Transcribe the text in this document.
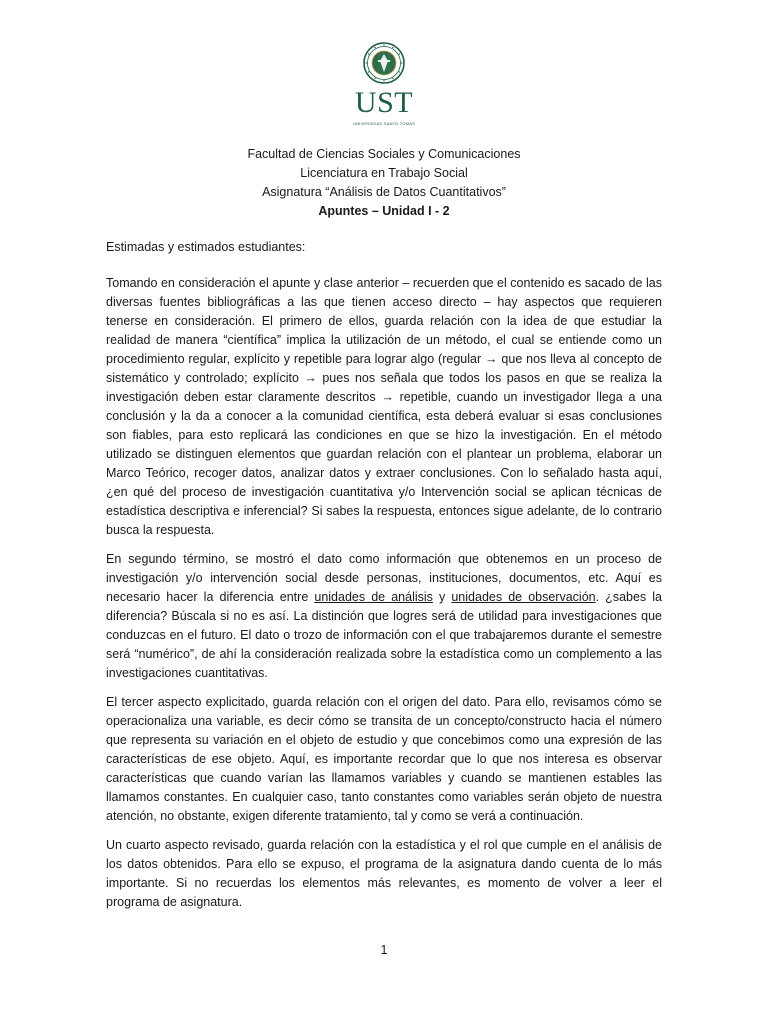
UST
UNIVERSIDAD SANTO TOMÁS
Facultad de Ciencias Sociales y Comunicaciones
Licenciatura en Trabajo Social
Asignatura “Análisis de Datos Cuantitativos”
Apuntes – Unidad I - 2

Estimadas y estimados estudiantes:

Tomando en consideración el apunte y clase anterior – recuerden que el contenido es sacado de las diversas fuentes bibliográficas a las que tienen acceso directo – hay aspectos que requieren tenerse en consideración. El primero de ellos, guarda relación con la idea de que estudiar la realidad de manera “científica” implica la utilización de un método, el cual se entiende como un procedimiento regular, explícito y repetible para lograr algo (regular → que nos lleva al concepto de sistemático y controlado; explícito → pues nos señala que todos los pasos en que se realiza la investigación deben estar claramente descritos → repetible, cuando un investigador llega a una conclusión y la da a conocer a la comunidad científica, esta deberá evaluar si esas conclusiones son fiables, para esto replicará las condiciones en que se hizo la investigación. En el método utilizado se distinguen elementos que guardan relación con el plantear un problema, elaborar un Marco Teórico, recoger datos, analizar datos y extraer conclusiones. Con lo señalado hasta aquí, ¿en qué del proceso de investigación cuantitativa y/o Intervención social se aplican técnicas de estadística descriptiva e inferencial? Si sabes la respuesta, entonces sigue adelante, de lo contrario busca la respuesta.

En segundo término, se mostró el dato como información que obtenemos en un proceso de investigación y/o intervención social desde personas, instituciones, documentos, etc. Aquí es necesario hacer la diferencia entre unidades de análisis y unidades de observación. ¿sabes la diferencia? Búscala si no es así. La distinción que logres será de utilidad para investigaciones que conduzcas en el futuro. El dato o trozo de información con el que trabajaremos durante el semestre será “numérico”, de ahí la consideración realizada sobre la estadística como un complemento a las investigaciones cuantitativas.

El tercer aspecto explicitado, guarda relación con el origen del dato. Para ello, revisamos cómo se operacionaliza una variable, es decir cómo se transita de un concepto/constructo hacia el número que representa su variación en el objeto de estudio y que concebimos como una expresión de las características de ese objeto. Aquí, es importante recordar que lo que nos interesa es observar características que cuando varían las llamamos variables y cuando se mantienen estables las llamamos constantes. En cualquier caso, tanto constantes como variables serán objeto de nuestra atención, no obstante, exigen diferente tratamiento, tal y como se verá a continuación.

Un cuarto aspecto revisado, guarda relación con la estadística y el rol que cumple en el análisis de los datos obtenidos. Para ello se expuso, el programa de la asignatura dando cuenta de lo más importante. Si no recuerdas los elementos más relevantes, es momento de volver a leer el programa de asignatura.

1
